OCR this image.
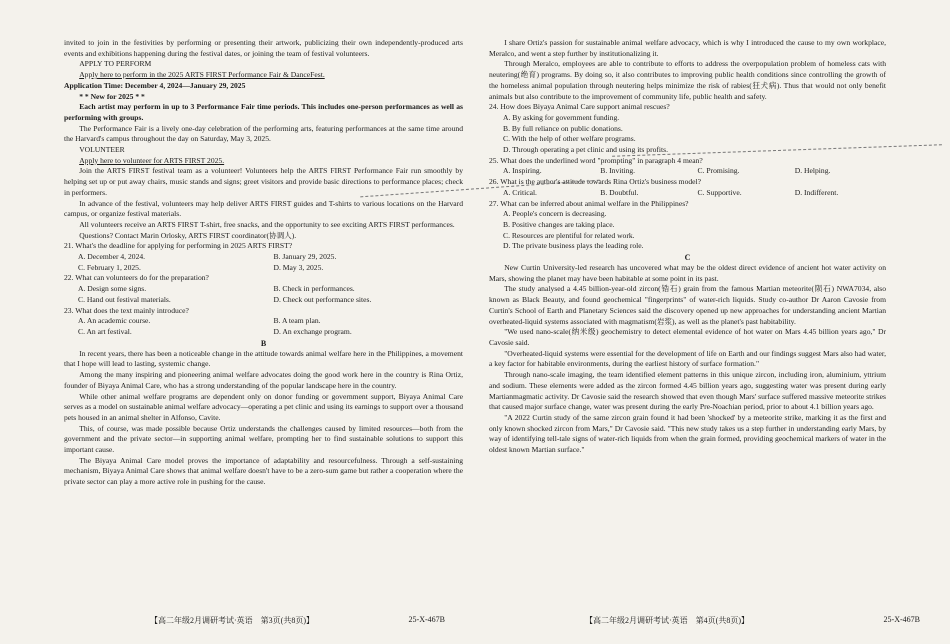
invited to join in the festivities by performing or presenting their artwork, publicizing their own independently-produced arts events and exhibitions happening during the festival dates, or joining the team of festival volunteers.

APPLY TO PERFORM

Apply here to perform in the 2025 ARTS FIRST Performance Fair & DanceFest.

Application Time: December 4, 2024—January 29, 2025

* * New for 2025 * *

Each artist may perform in up to 3 Performance Fair time periods. This includes one-person performances as well as performing with groups.

The Performance Fair is a lively one-day celebration of the performing arts, featuring performances at the same time around the Harvard's campus throughout the day on Saturday, May 3, 2025.

VOLUNTEER

Apply here to volunteer for ARTS FIRST 2025.

Join the ARTS FIRST festival team as a volunteer! Volunteers help the ARTS FIRST Performance Fair run smoothly by helping set up or put away chairs, music stands and signs; greet visitors and provide basic directions to performance places; check in performers.

In advance of the festival, volunteers may help deliver ARTS FIRST guides and T-shirts to various locations on the Harvard campus, or organize festival materials.

All volunteers receive an ARTS FIRST T-shirt, free snacks, and the opportunity to see exciting ARTS FIRST performances.

Questions? Contact Marin Orlosky, ARTS FIRST coordinator(协调人).

21. What's the deadline for applying for performing in 2025 ARTS FIRST?

A. December 4, 2024.	B. January 29, 2025.
C. February 1, 2025.	D. May 3, 2025.

22. What can volunteers do for the preparation?

A. Design some signs.	B. Check in performances.
C. Hand out festival materials.	D. Check out performance sites.

23. What does the text mainly introduce?

A. An academic course.	B. A team plan.
C. An art festival.	D. An exchange program.
B

In recent years, there has been a noticeable change in the attitude towards animal welfare here in the Philippines, a movement that I hope will lead to lasting, systemic change.

Among the many inspiring and pioneering animal welfare advocates doing the good work here in the country is Rina Ortiz, founder of Biyaya Animal Care, who has a strong understanding of the popular landscape here in the country.

While other animal welfare programs are dependent only on donor funding or government support, Biyaya Animal Care serves as a model on sustainable animal welfare advocacy—operating a pet clinic and using its earnings to support over a thousand pets housed in an animal shelter in Alfonso, Cavite.

This, of course, was made possible because Ortiz understands the challenges caused by limited resources—both from the government and the private sector—in supporting animal welfare, prompting her to find sustainable solutions to support this important cause.

The Biyaya Animal Care model proves the importance of adaptability and resourcefulness. Through a self-sustaining mechanism, Biyaya Animal Care shows that animal welfare doesn't have to be a zero-sum game but rather a cooperation where the private sector can play a more active role in pushing for the cause.

【高二年级2月调研考试·英语　第3页(共8页)】	25-X-467B

I share Ortiz's passion for sustainable animal welfare advocacy, which is why I introduced the cause to my own workplace, Meralco, and went a step further by institutionalizing it.

Through Meralco, employees are able to contribute to efforts to address the overpopulation problem of homeless cats with neutering(绝育) programs. By doing so, it also contributes to improving public health conditions since controlling the growth of the homeless animal population through neutering helps minimize the risk of rabies(狂犬病). Thus that would not only benefit animals but also contribute to the improvement of community life, public health and safety.

24. How does Biyaya Animal Care support animal rescues?

A. By asking for government funding.
B. By full reliance on public donations.
C. With the help of other welfare programs.
D. Through operating a pet clinic and using its profits.

25. What does the underlined word "prompting" in paragraph 4 mean?

A. Inspiring.	B. Inviting.	C. Promising.	D. Helping.

26. What is the author's attitude towards Rina Ortiz's business model?

A. Critical.	B. Doubtful.	C. Supportive.	D. Indifferent.

27. What can be inferred about animal welfare in the Philippines?

A. People's concern is decreasing.
B. Positive changes are taking place.
C. Resources are plentiful for related work.
D. The private business plays the leading role.
C

New Curtin University-led research has uncovered what may be the oldest direct evidence of ancient hot water activity on Mars, showing the planet may have been habitable at some point in its past.

The study analysed a 4.45 billion-year-old zircon(锆石) grain from the famous Martian meteorite(陨石) NWA7034, also known as Black Beauty, and found geochemical "fingerprints" of water-rich liquids. Study co-author Dr Aaron Cavosie from Curtin's School of Earth and Planetary Sciences said the discovery opened up new approaches for understanding ancient Martian overheated-liquid systems associated with magmatism(岩浆), as well as the planet's past habitability.

"We used nano-scale(纳米级) geochemistry to detect elemental evidence of hot water on Mars 4.45 billion years ago," Dr Cavosie said.

"Overheated-liquid systems were essential for the development of life on Earth and our findings suggest Mars also had water, a key factor for habitable environments, during the earliest history of surface formation."

Through nano-scale imaging, the team identified element patterns in this unique zircon, including iron, aluminium, yttrium and sodium. These elements were added as the zircon formed 4.45 billion years ago, suggesting water was present during early Martianmagmatic activity. Dr Cavosie said the research showed that even though Mars' surface suffered massive meteorite strikes that caused major surface change, water was present during the early Pre-Noachian period, prior to about 4.1 billion years ago.

"A 2022 Curtin study of the same zircon grain found it had been 'shocked' by a meteorite strike, marking it as the first and only known shocked zircon from Mars," Dr Cavosie said. "This new study takes us a step further in understanding early Mars, by way of identifying tell-tale signs of water-rich liquids from when the grain formed, providing geochemical markers of water in the oldest known Martian surface."

【高二年级2月调研考试·英语　第4页(共8页)】	25-X-467B
